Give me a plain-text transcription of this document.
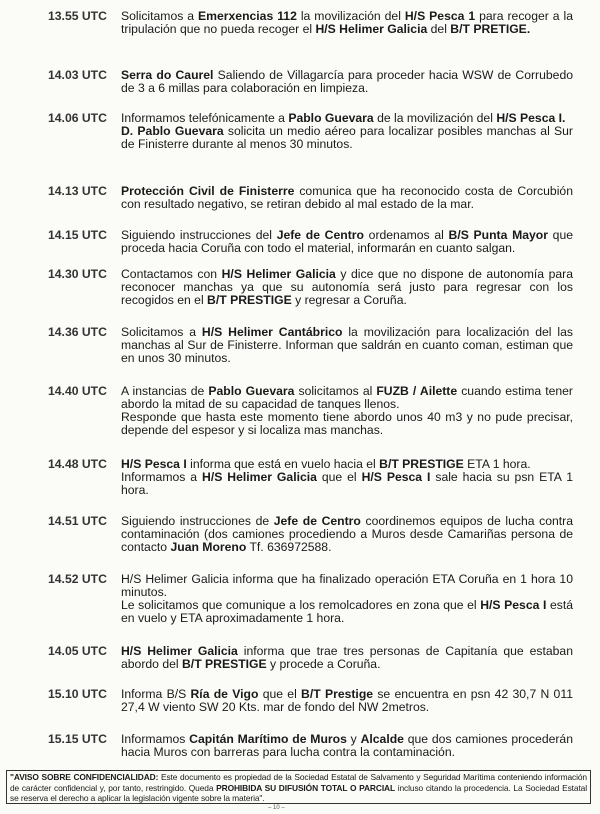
13.55 UTC	Solicitamos a Emerxencias 112 la movilización del H/S Pesca 1 para recoger a la tripulación que no pueda recoger el H/S Helimer Galicia del B/T PRETIGE.

14.03 UTC	Serra do Caurel Saliendo de Villagarcía para proceder hacia WSW de Corrubedo de 3 a 6 millas para colaboración en limpieza.

14.06 UTC	Informamos telefónicamente a Pablo Guevara de la movilización del H/S Pesca I.

D. Pablo Guevara solicita un medio aéreo para localizar posibles manchas al Sur de Finisterre durante al menos 30 minutos.

14.13 UTC	Protección Civil de Finisterre comunica que ha reconocido costa de Corcubión con resultado negativo, se retiran debido al mal estado de la mar.

14.15 UTC	Siguiendo instrucciones del Jefe de Centro ordenamos al B/S Punta Mayor que proceda hacia Coruña con todo el material, informarán en cuanto salgan.

14.30 UTC	Contactamos con H/S Helimer Galicia y dice que no dispone de autonomía para reconocer manchas ya que su autonomía será justo para regresar con los recogidos en el B/T PRESTIGE y regresar a Coruña.

14.36 UTC	Solicitamos a H/S Helimer Cantábrico la movilización para localización del las manchas al Sur de Finisterre. Informan que saldrán en cuanto coman, estiman que en unos 30 minutos.

14.40 UTC	A instancias de Pablo Guevara solicitamos al FUZB / Ailette cuando estima tener abordo la mitad de su capacidad de tanques llenos.

Responde que hasta este momento tiene abordo unos 40 m3 y no pude precisar, depende del espesor y si localiza mas manchas.

14.48 UTC	H/S Pesca I informa que está en vuelo hacia el B/T PRESTIGE ETA 1 hora.

Informamos a H/S Helimer Galicia que el H/S Pesca I sale hacia su psn ETA 1 hora.

14.51 UTC	Siguiendo instrucciones de Jefe de Centro coordinemos equipos de lucha contra contaminación (dos camiones procediendo a Muros desde Camariñas persona de contacto Juan Moreno Tf. 636972588.

14.52 UTC	H/S Helimer Galicia informa que ha finalizado operación ETA Coruña en 1 hora 10 minutos.

Le solicitamos que comunique a los remolcadores en zona que el H/S Pesca I está en vuelo y ETA aproximadamente 1 hora.

14.05 UTC	H/S Helimer Galicia informa que trae tres personas de Capitanía que estaban abordo del B/T PRESTIGE y procede a Coruña.

15.10 UTC	Informa B/S Ría de Vigo que el B/T Prestige se encuentra en psn 42 30,7 N 011 27,4 W viento SW 20 Kts. mar de fondo del NW 2metros.

15.15 UTC	Informamos Capitán Marítimo de Muros y Alcalde que dos camiones procederán hacia Muros con barreras para lucha contra la contaminación.

"AVISO SOBRE CONFIDENCIALIDAD: Este documento es propiedad de la Sociedad Estatal de Salvamento y Seguridad Marítima conteniendo información de carácter confidencial y, por tanto, restringido. Queda PROHIBIDA SU DIFUSIÓN TOTAL O PARCIAL incluso citando la procedencia. La Sociedad Estatal se reserva el derecho a aplicar la legislación vigente sobre la materia".
– 10 –
